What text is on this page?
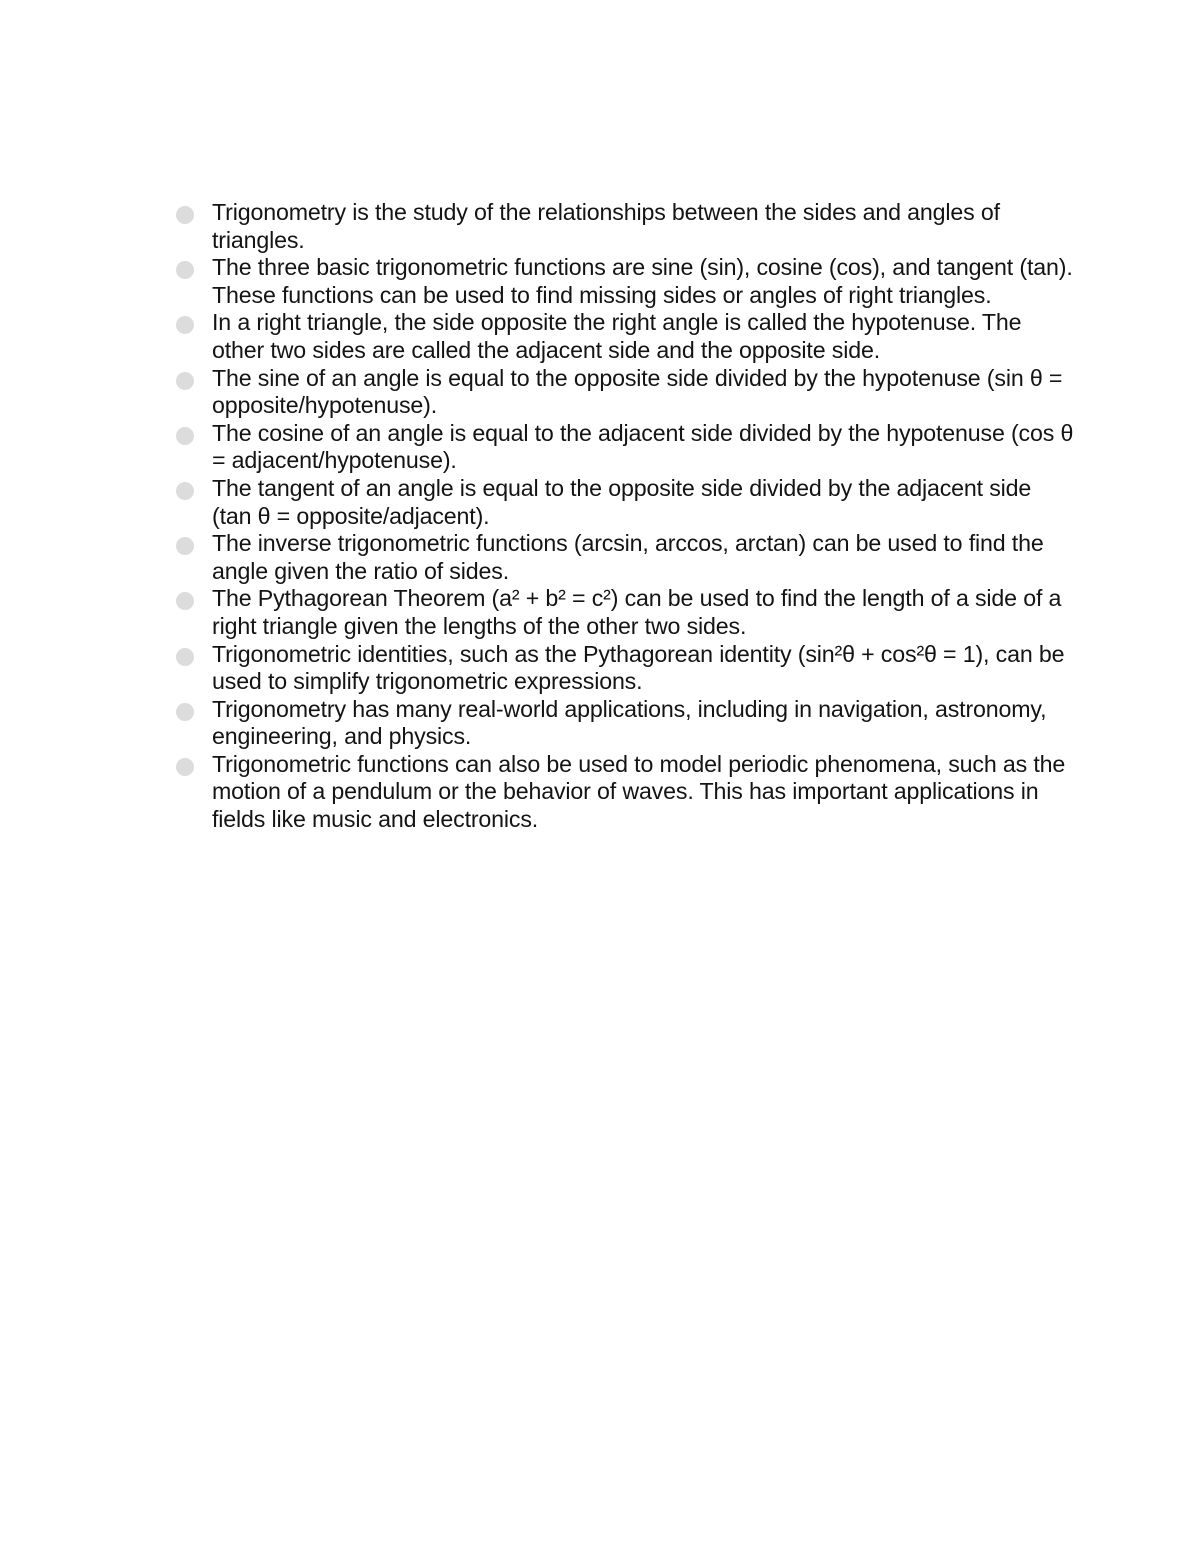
Trigonometry is the study of the relationships between the sides and angles of triangles.
The three basic trigonometric functions are sine (sin), cosine (cos), and tangent (tan). These functions can be used to find missing sides or angles of right triangles.
In a right triangle, the side opposite the right angle is called the hypotenuse. The other two sides are called the adjacent side and the opposite side.
The sine of an angle is equal to the opposite side divided by the hypotenuse (sin θ = opposite/hypotenuse).
The cosine of an angle is equal to the adjacent side divided by the hypotenuse (cos θ = adjacent/hypotenuse).
The tangent of an angle is equal to the opposite side divided by the adjacent side (tan θ = opposite/adjacent).
The inverse trigonometric functions (arcsin, arccos, arctan) can be used to find the angle given the ratio of sides.
The Pythagorean Theorem (a² + b² = c²) can be used to find the length of a side of a right triangle given the lengths of the other two sides.
Trigonometric identities, such as the Pythagorean identity (sin²θ + cos²θ = 1), can be used to simplify trigonometric expressions.
Trigonometry has many real-world applications, including in navigation, astronomy, engineering, and physics.
Trigonometric functions can also be used to model periodic phenomena, such as the motion of a pendulum or the behavior of waves. This has important applications in fields like music and electronics.
